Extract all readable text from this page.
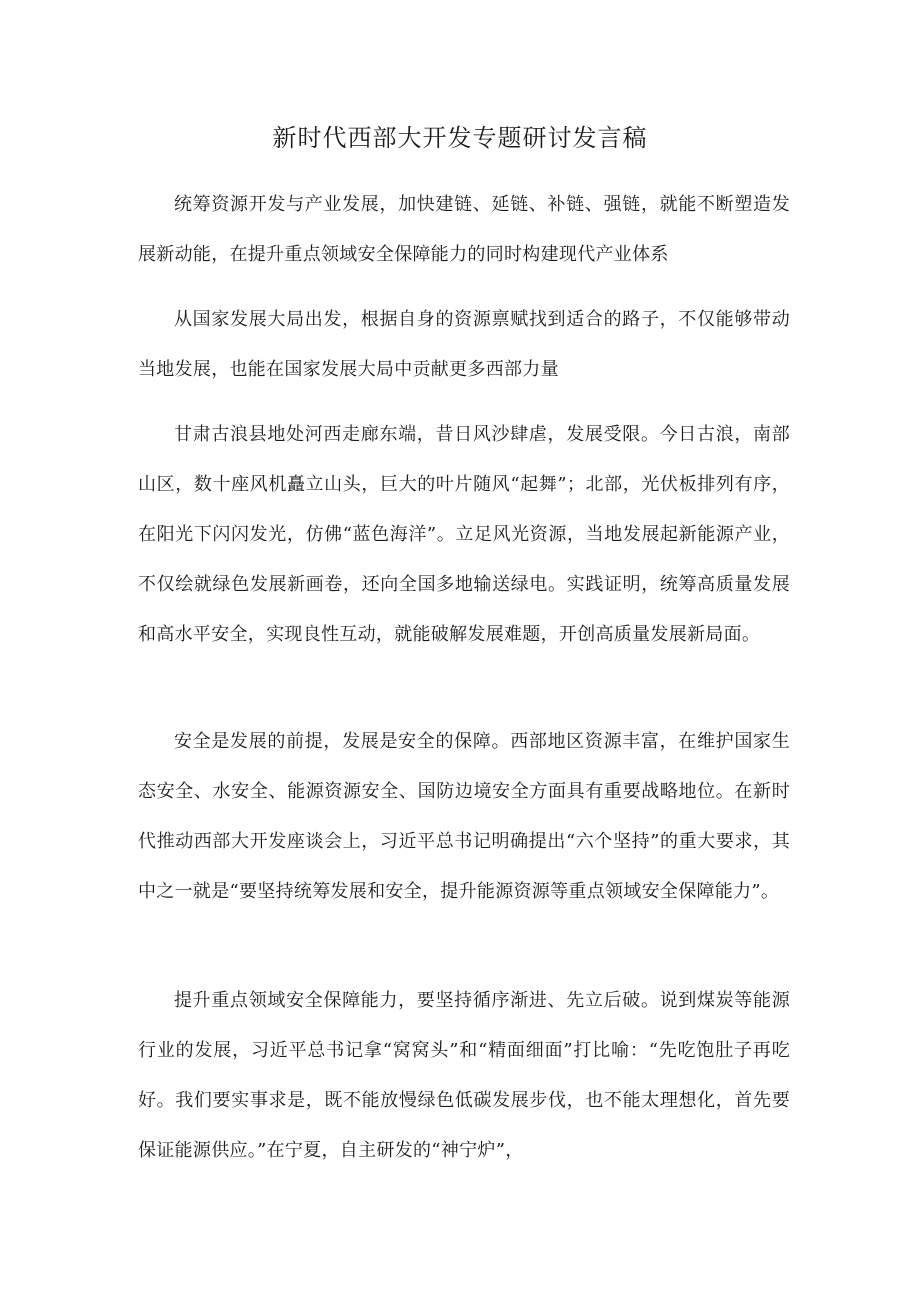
新时代西部大开发专题研讨发言稿

统筹资源开发与产业发展，加快建链、延链、补链、强链，就能不断塑造发展新动能，在提升重点领域安全保障能力的同时构建现代产业体系

从国家发展大局出发，根据自身的资源禀赋找到适合的路子，不仅能够带动当地发展，也能在国家发展大局中贡献更多西部力量

甘肃古浪县地处河西走廊东端，昔日风沙肆虐，发展受限。今日古浪，南部山区，数十座风机矗立山头，巨大的叶片随风“起舞”；北部，光伏板排列有序，在阳光下闪闪发光，仿佛“蓝色海洋”。立足风光资源，当地发展起新能源产业，不仅绘就绿色发展新画卷，还向全国多地输送绿电。实践证明，统筹高质量发展和高水平安全，实现良性互动，就能破解发展难题，开创高质量发展新局面。

安全是发展的前提，发展是安全的保障。西部地区资源丰富，在维护国家生态安全、水安全、能源资源安全、国防边境安全方面具有重要战略地位。在新时代推动西部大开发座谈会上，习近平总书记明确提出“六个坚持”的重大要求，其中之一就是“要坚持统筹发展和安全，提升能源资源等重点领域安全保障能力”。

提升重点领域安全保障能力，要坚持循序渐进、先立后破。说到煤炭等能源行业的发展，习近平总书记拿“窝窝头”和“精面细面”打比喻：“先吃饱肚子再吃好。我们要实事求是，既不能放慢绿色低碳发展步伐，也不能太理想化，首先要保证能源供应。”在宁夏，自主研发的“神宁炉”，
